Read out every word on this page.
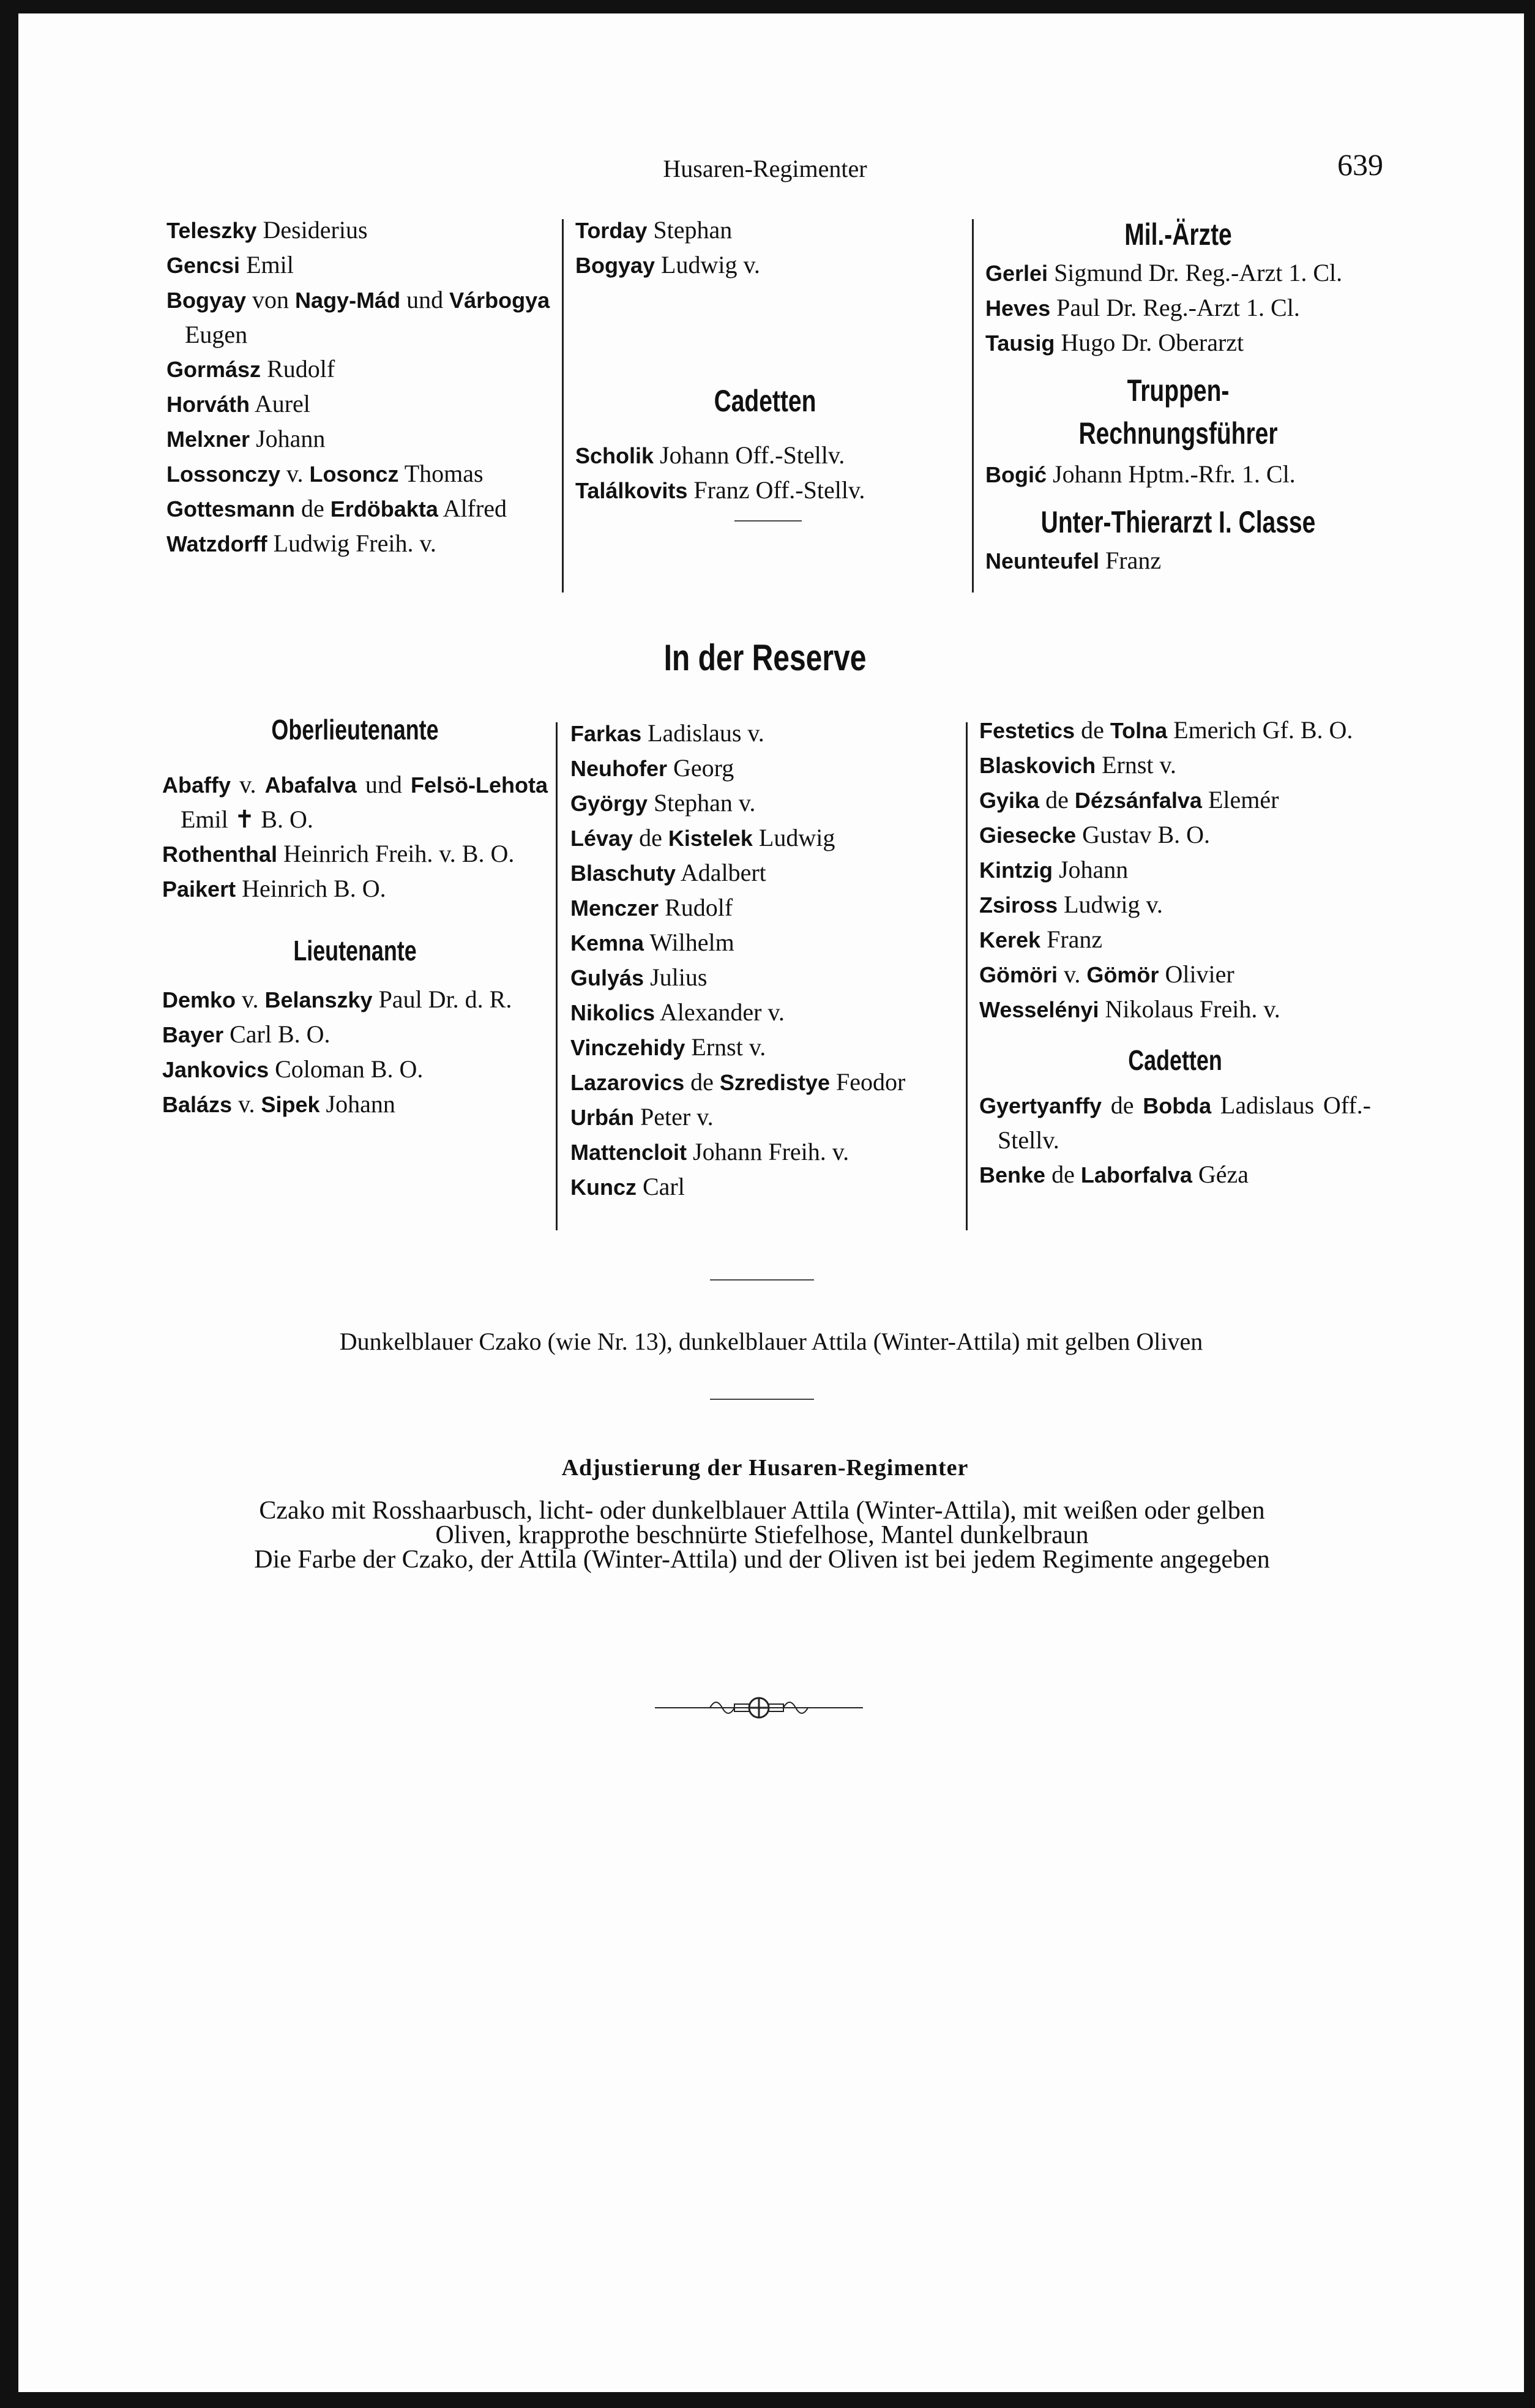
Husaren-Regimenter	639
Teleszky Desiderius
Gencsi Emil
Bogyay von Nagy-Mád und Várbogya Eugen
Gormász Rudolf
Horváth Aurel
Melxner Johann
Lossonczy v. Losoncz Thomas
Gottesmann de Erdöbakta Alfred
Watzdorff Ludwig Freih. v.
Torday Stephan
Bogyay Ludwig v.
Cadetten
Scholik Johann Off.-Stellv.
Találkovits Franz Off.-Stellv.
Mil.-Ärzte
Gerlei Sigmund Dr. Reg.-Arzt 1. Cl.
Heves Paul Dr. Reg.-Arzt 1. Cl.
Tausig Hugo Dr. Oberarzt
Truppen-Rechnungsführer
Bogić Johann Hptm.-Rfr. 1. Cl.
Unter-Thierarzt I. Classe
Neunteufel Franz
In der Reserve
Oberlieutenante
Abaffy v. Abafalva und Felsö-Lehota Emil ✝ B. O.
Rothenthal Heinrich Freih. v. B. O.
Paikert Heinrich B. O.
Lieutenante
Demko v. Belanszky Paul Dr. d. R.
Bayer Carl B. O.
Jankovics Coloman B. O.
Balázs v. Sipek Johann
Farkas Ladislaus v.
Neuhofer Georg
György Stephan v.
Lévay de Kistelek Ludwig
Blaschuty Adalbert
Menczer Rudolf
Kemna Wilhelm
Gulyás Julius
Nikolics Alexander v.
Vinczehidy Ernst v.
Lazarovics de Szredistye Feodor
Urbán Peter v.
Mattencloit Johann Freih. v.
Kuncz Carl
Festetics de Tolna Emerich Gf. B. O.
Blaskovich Ernst v.
Gyika de Dézsánfalva Elemér
Giesecke Gustav B. O.
Kintzig Johann
Zsiross Ludwig v.
Kerek Franz
Gömöri v. Gömör Olivier
Wesselényi Nikolaus Freih. v.
Cadetten
Gyertyanffy de Bobda Ladislaus Off.-Stellv.
Benke de Laborfalva Géza
Dunkelblauer Czako (wie Nr. 13), dunkelblauer Attila (Winter-Attila) mit gelben Oliven
Adjustierung der Husaren-Regimenter
Czako mit Rosshaarbusch, licht- oder dunkelblauer Attila (Winter-Attila), mit weißen oder gelben
Oliven, krapprothe beschnürte Stiefelhose, Mantel dunkelbraun
Die Farbe der Czako, der Attila (Winter-Attila) und der Oliven ist bei jedem Regimente angegeben
